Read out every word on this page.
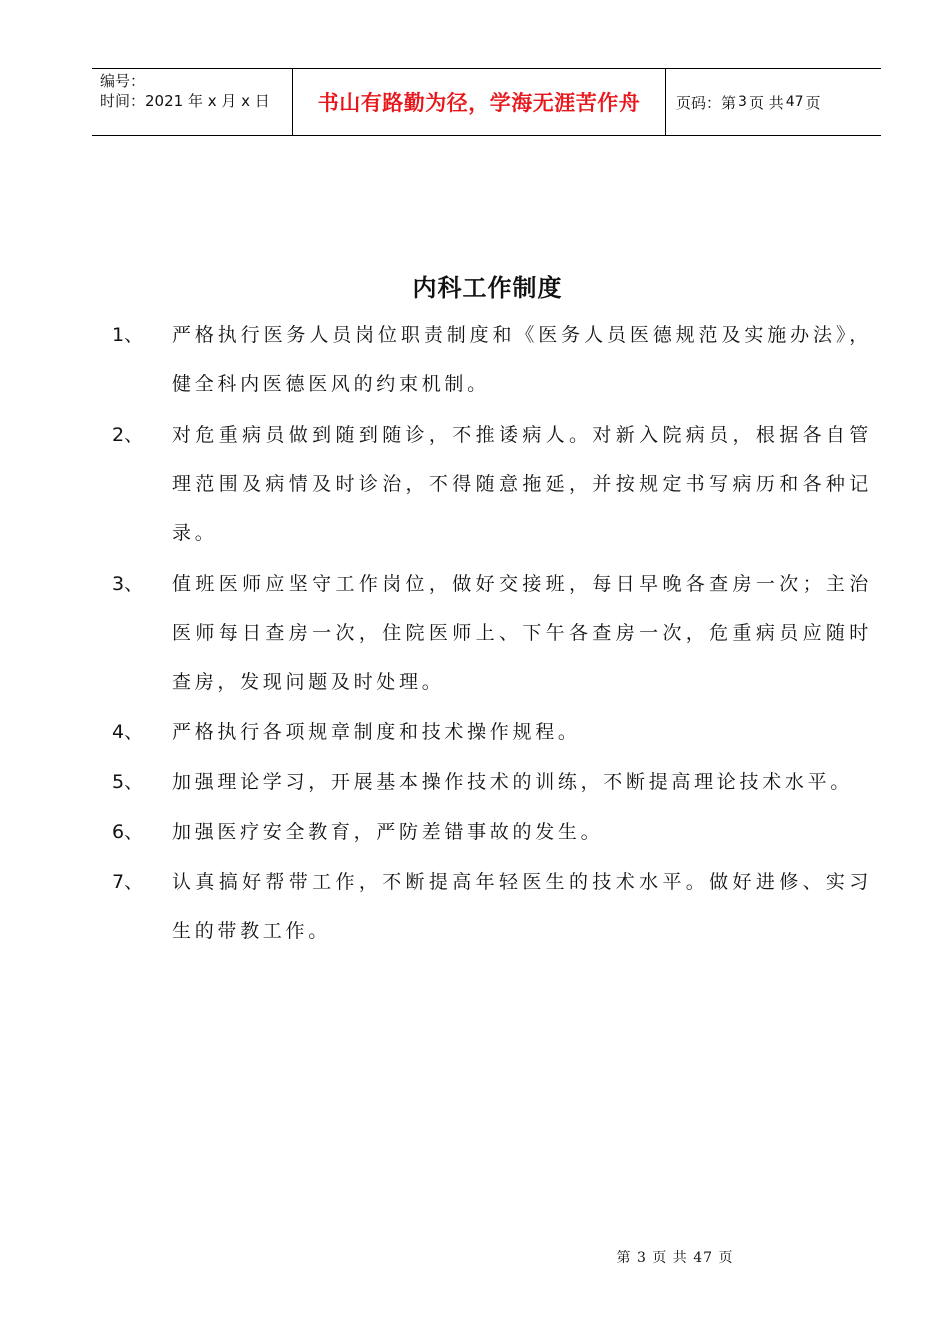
编号：
时间：2021 年 x 月 x 日	书山有路勤为径，学海无涯苦作舟	页码：第 3 页 共 47 页
内科工作制度
1、 严格执行医务人员岗位职责制度和《医务人员医德规范及实施办法》，健全科内医德医风的约束机制。
2、 对危重病员做到随到随诊，不推诿病人。对新入院病员，根据各自管理范围及病情及时诊治，不得随意拖延，并按规定书写病历和各种记录。
3、 值班医师应坚守工作岗位，做好交接班，每日早晚各查房一次；主治医师每日查房一次，住院医师上、下午各查房一次，危重病员应随时查房，发现问题及时处理。
4、 严格执行各项规章制度和技术操作规程。
5、 加强理论学习，开展基本操作技术的训练，不断提高理论技术水平。
6、 加强医疗安全教育，严防差错事故的发生。
7、 认真搞好帮带工作，不断提高年轻医生的技术水平。做好进修、实习生的带教工作。
第 3 页 共 47 页
